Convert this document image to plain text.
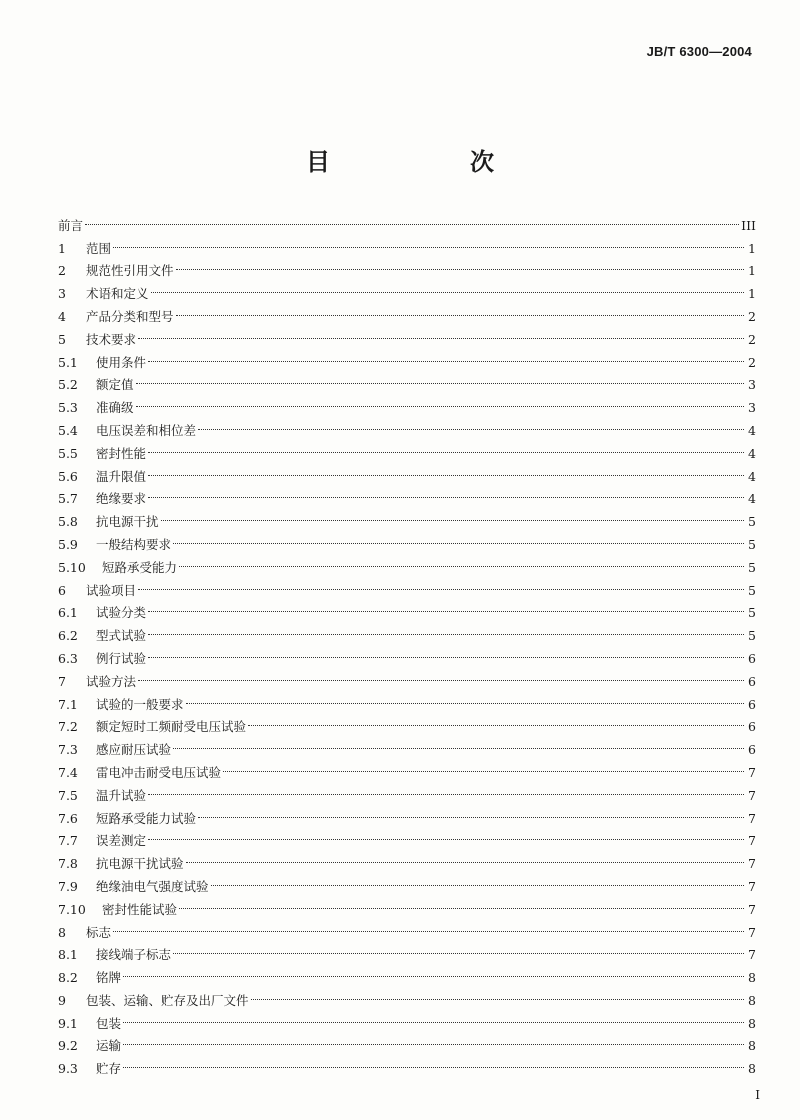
JB/T 6300—2004
目　次
前言	III
1	范围	1
2	规范性引用文件	1
3	术语和定义	1
4	产品分类和型号	2
5	技术要求	2
5.1	使用条件	2
5.2	额定值	3
5.3	准确级	3
5.4	电压误差和相位差	4
5.5	密封性能	4
5.6	温升限值	4
5.7	绝缘要求	4
5.8	抗电源干扰	5
5.9	一般结构要求	5
5.10	短路承受能力	5
6	试验项目	5
6.1	试验分类	5
6.2	型式试验	5
6.3	例行试验	6
7	试验方法	6
7.1	试验的一般要求	6
7.2	额定短时工频耐受电压试验	6
7.3	感应耐压试验	6
7.4	雷电冲击耐受电压试验	7
7.5	温升试验	7
7.6	短路承受能力试验	7
7.7	误差测定	7
7.8	抗电源干扰试验	7
7.9	绝缘油电气强度试验	7
7.10	密封性能试验	7
8	标志	7
8.1	接线端子标志	7
8.2	铭牌	8
9	包装、运输、贮存及出厂文件	8
9.1	包装	8
9.2	运输	8
9.3	贮存	8
I
